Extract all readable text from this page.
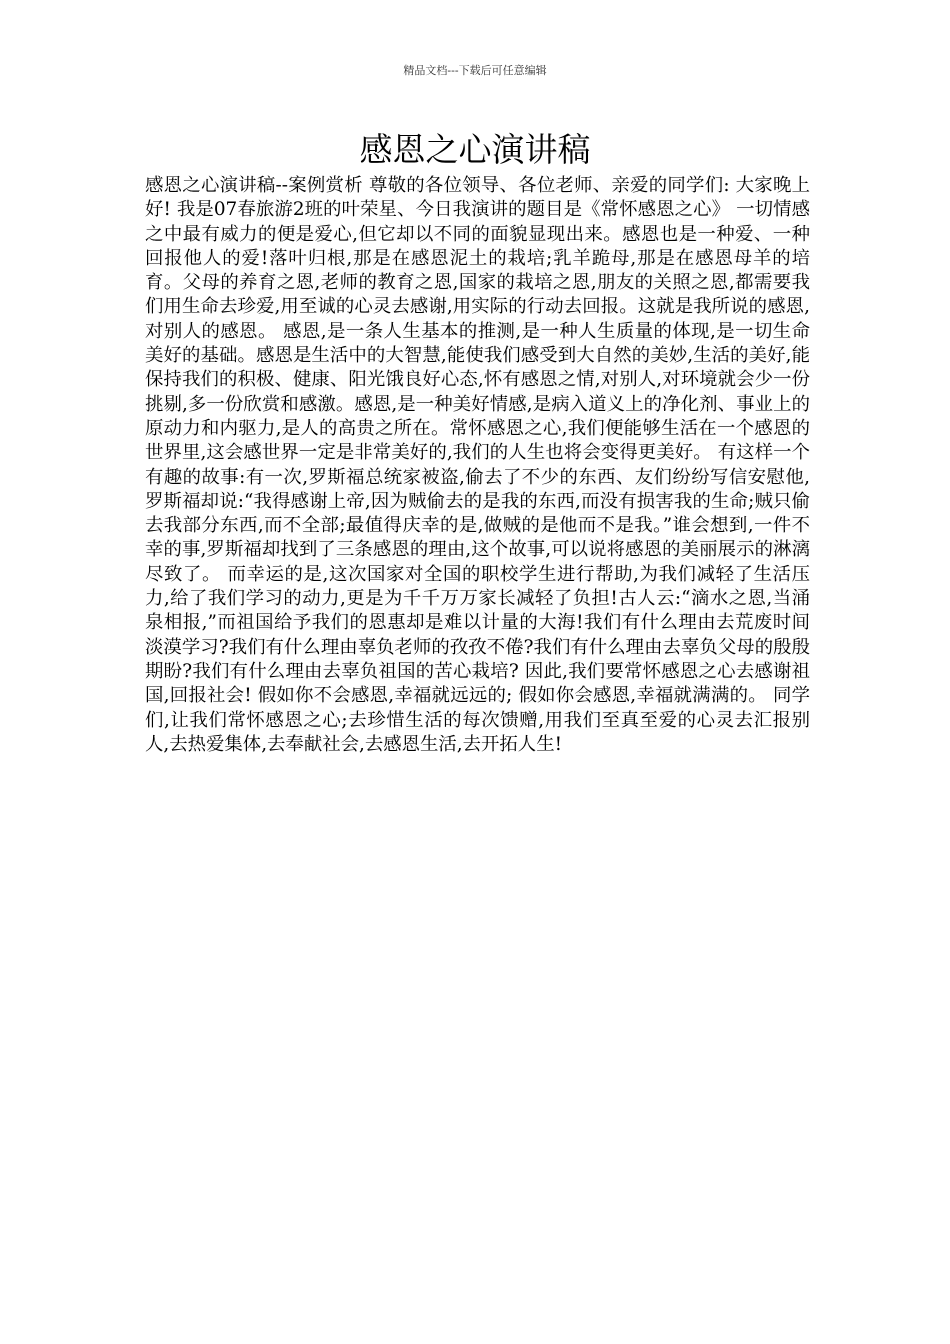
精品文档---下载后可任意编辑
感恩之心演讲稿

感恩之心演讲稿--案例赏析 尊敬的各位领导、各位老师、亲爱的同学们: 大家晚上好! 我是07春旅游2班的叶荣星、今日我演讲的题目是《常怀感恩之心》 一切情感之中最有威力的便是爱心,但它却以不同的面貌显现出来。感恩也是一种爱、一种回报他人的爱!落叶归根,那是在感恩泥土的栽培;乳羊跪母,那是在感恩母羊的培育。父母的养育之恩,老师的教育之恩,国家的栽培之恩,朋友的关照之恩,都需要我们用生命去珍爱,用至诚的心灵去感谢,用实际的行动去回报。这就是我所说的感恩,对别人的感恩。 感恩,是一条人生基本的推测,是一种人生质量的体现,是一切生命美好的基础。感恩是生活中的大智慧,能使我们感受到大自然的美妙,生活的美好,能保持我们的积极、健康、阳光饿良好心态,怀有感恩之情,对别人,对环境就会少一份挑剔,多一份欣赏和感激。感恩,是一种美好情感,是病入道义上的净化剂、事业上的原动力和内驱力,是人的高贵之所在。常怀感恩之心,我们便能够生活在一个感恩的世界里,这会感世界一定是非常美好的,我们的人生也将会变得更美好。 有这样一个有趣的故事:有一次,罗斯福总统家被盗,偷去了不少的东西、友们纷纷写信安慰他,罗斯福却说:“我得感谢上帝,因为贼偷去的是我的东西,而没有损害我的生命;贼只偷去我部分东西,而不全部;最值得庆幸的是,做贼的是他而不是我。”谁会想到,一件不幸的事,罗斯福却找到了三条感恩的理由,这个故事,可以说将感恩的美丽展示的淋漓尽致了。 而幸运的是,这次国家对全国的职校学生进行帮助,为我们减轻了生活压力,给了我们学习的动力,更是为千千万万家长减轻了负担!古人云:“滴水之恩,当涌泉相报,”而祖国给予我们的恩惠却是难以计量的大海!我们有什么理由去荒废时间淡漠学习?我们有什么理由辜负老师的孜孜不倦?我们有什么理由去辜负父母的殷殷期盼?我们有什么理由去辜负祖国的苦心栽培? 因此,我们要常怀感恩之心去感谢祖国,回报社会! 假如你不会感恩,幸福就远远的; 假如你会感恩,幸福就满满的。 同学们,让我们常怀感恩之心;去珍惜生活的每次馈赠,用我们至真至爱的心灵去汇报别人,去热爱集体,去奉献社会,去感恩生活,去开拓人生!
